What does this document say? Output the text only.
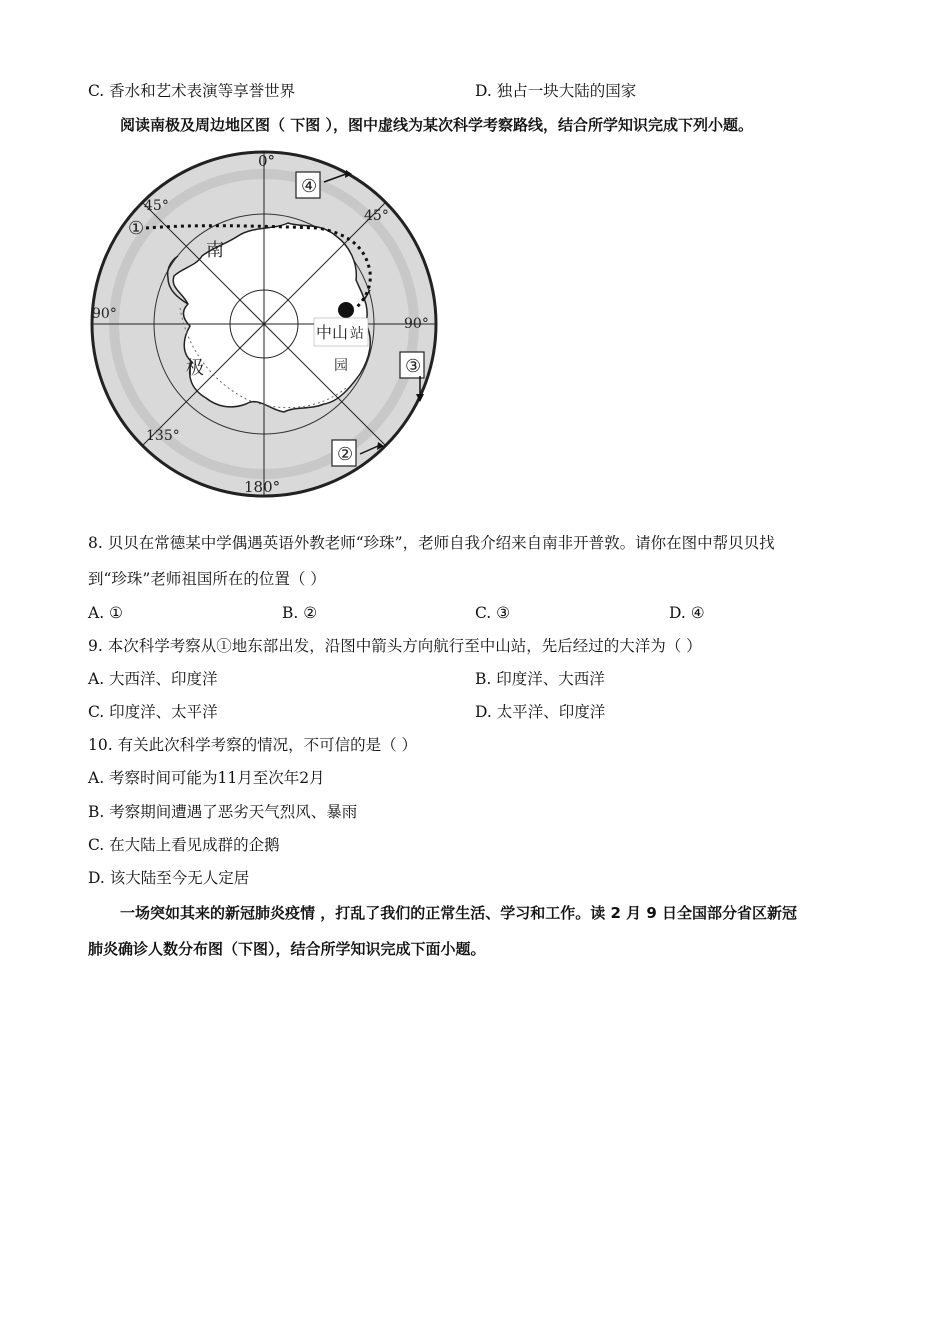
C. 香水和艺术表演等享誉世界	D. 独占一块大陆的国家
阅读南极及周边地区图（ 下图 ），图中虚线为某次科学考察路线，结合所学知识完成下列小题。
0°
45°
45°
90°
90°
135°
180°
南
极
中山 站
园
①
②
③
④
8. 贝贝在常德某中学偶遇英语外教老师“珍珠”，老师自我介绍来自南非开普敦。请你在图中帮贝贝找
到“珍珠”老师祖国所在的位置（ ）
A. ①	B. ②	C. ③	D. ④
9. 本次科学考察从①地东部出发，沿图中箭头方向航行至中山站，先后经过的大洋为（ ）
A. 大西洋、印度洋	B. 印度洋、大西洋
C. 印度洋、太平洋	D. 太平洋、印度洋
10. 有关此次科学考察的情况，不可信的是（ ）
A. 考察时间可能为11月至次年2月
B. 考察期间遭遇了恶劣天气烈风、暴雨
C. 在大陆上看见成群的企鹅
D. 该大陆至今无人定居
一场突如其来的新冠肺炎疫情 ，打乱了我们的正常生活、学习和工作。读 2 月 9 日全国部分省区新冠
肺炎确诊人数分布图（下图），结合所学知识完成下面小题。
